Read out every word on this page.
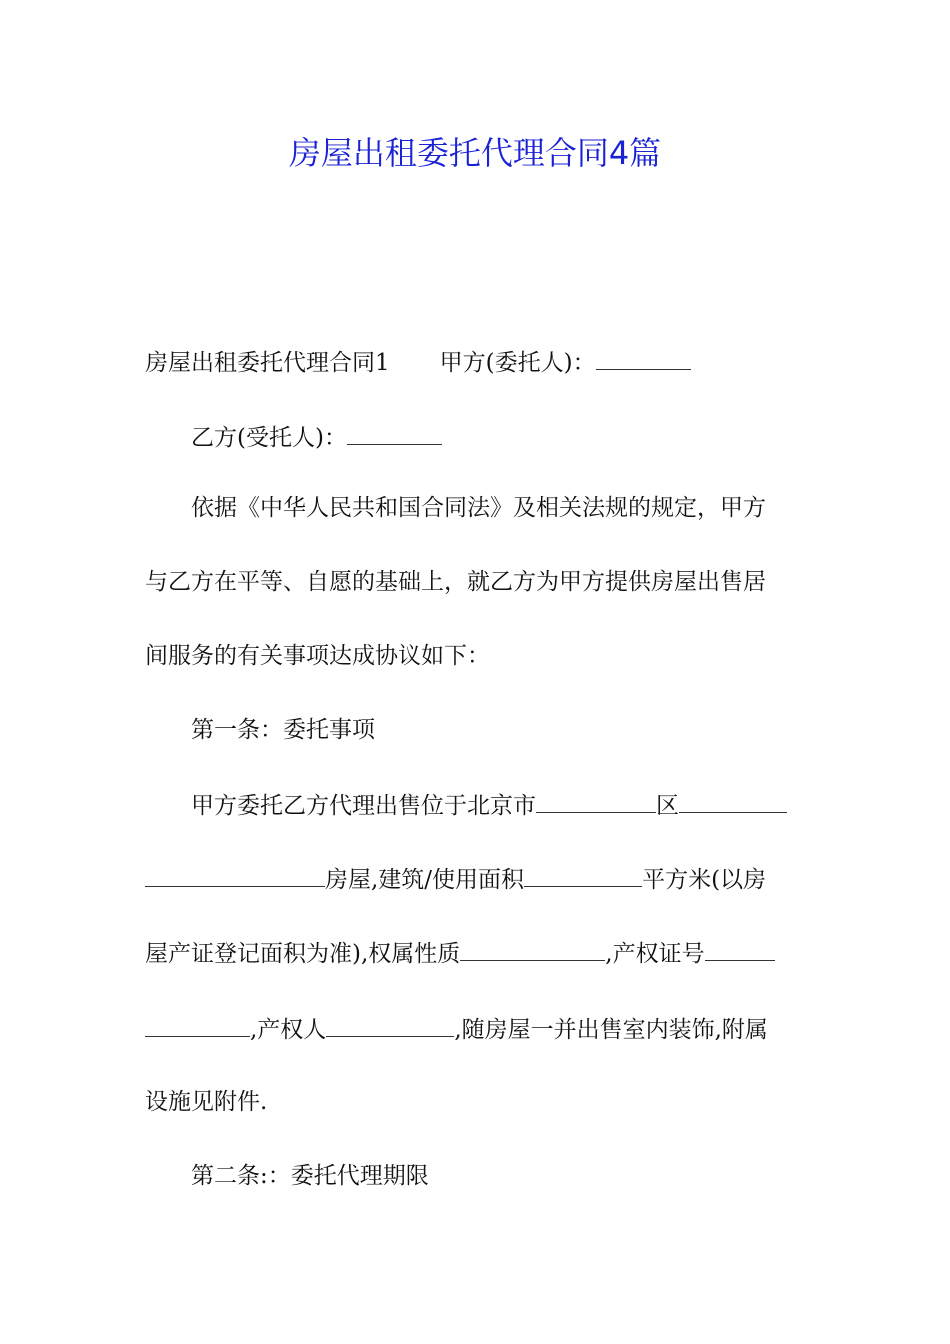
房屋出租委托代理合同4篇
房屋出租委托代理合同1 甲方(委托人)：
乙方(受托人)：
依据《中华人民共和国合同法》及相关法规的规定，甲方
与乙方在平等、自愿的基础上，就乙方为甲方提供房屋出售居
间服务的有关事项达成协议如下：
第一条：委托事项
甲方委托乙方代理出售位于北京市	区
房屋,建筑/使用面积	平方米(以房
屋产证登记面积为准),权属性质	,产权证号
,产权人	,随房屋一并出售室内装饰,附属
设施见附件.
第二条:：委托代理期限
